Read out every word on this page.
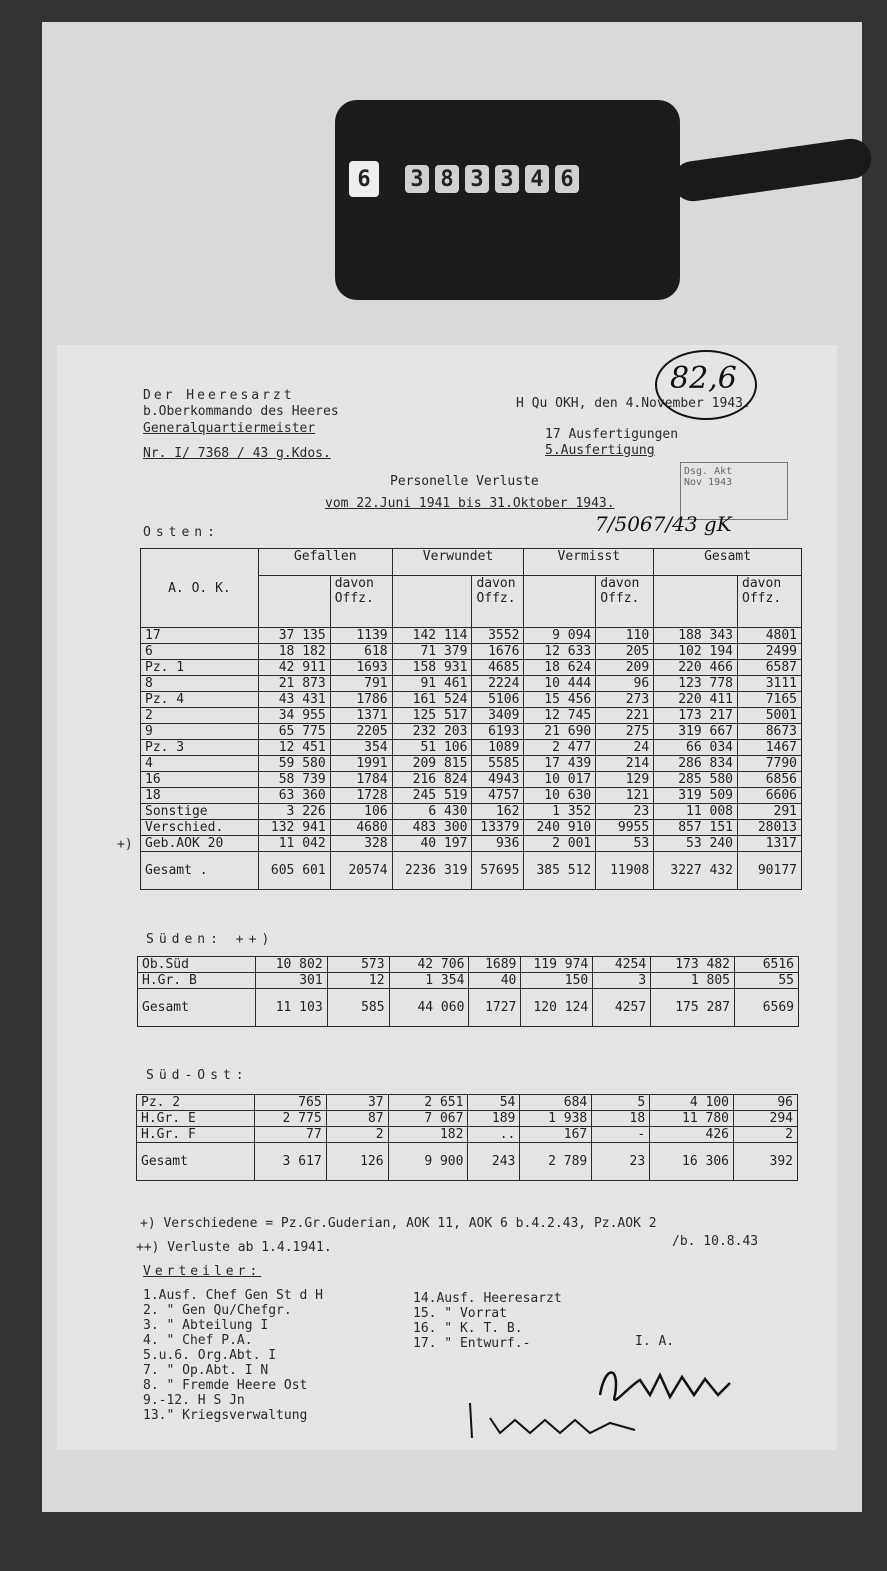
6	3 8 3 3 4 6
82,6
Der Heeresarzt
b.Oberkommando des Heeres
Generalquartiermeister
Nr. I/ 7368 / 43 g.Kdos.
H Qu OKH, den 4.November 1943.
17 Ausfertigungen
5.Ausfertigung
Dsg. Akt
Nov 1943
Personelle Verluste
vom 22.Juni 1941 bis 31.Oktober 1943.
7/5067/43 gK
Osten:
+)
A. O. K.	Gefallen		Verwundet		Vermisst		Gesamt	
		davon Offz.		davon Offz.		davon Offz.		davon Offz.
17	37 135	1139	142 114	3552	9 094	110	188 343	4801
6	18 182	618	71 379	1676	12 633	205	102 194	2499
Pz. 1	42 911	1693	158 931	4685	18 624	209	220 466	6587
8	21 873	791	91 461	2224	10 444	96	123 778	3111
Pz. 4	43 431	1786	161 524	5106	15 456	273	220 411	7165
2	34 955	1371	125 517	3409	12 745	221	173 217	5001
9	65 775	2205	232 203	6193	21 690	275	319 667	8673
Pz. 3	12 451	354	51 106	1089	2 477	24	66 034	1467
4	59 580	1991	209 815	5585	17 439	214	286 834	7790
16	58 739	1784	216 824	4943	10 017	129	285 580	6856
18	63 360	1728	245 519	4757	10 630	121	319 509	6606
Sonstige	3 226	106	6 430	162	1 352	23	11 008	291
Verschied.	132 941	4680	483 300	13379	240 910	9955	857 151	28013
Geb.AOK 20	11 042	328	40 197	936	2 001	53	53 240	1317
Gesamt .	605 601	20574	2236 319	57695	385 512	11908	3227 432	90177
Süden: ++)
Ob.Süd	10 802	573	42 706	1689	119 974	4254	173 482	6516
H.Gr. B	301	12	1 354	40	150	3	1 805	55
Gesamt	11 103	585	44 060	1727	120 124	4257	175 287	6569
Süd-Ost:
Pz. 2	765	37	2 651	54	684	5	4 100	96
H.Gr. E	2 775	87	7 067	189	1 938	18	11 780	294
H.Gr. F	77	2	182	..	167	-	426	2
Gesamt	3 617	126	9 900	243	2 789	23	16 306	392
+) Verschiedene = Pz.Gr.Guderian, AOK 11, AOK 6 b.4.2.43, Pz.AOK 2
/b. 10.8.43
++) Verluste ab 1.4.1941.
Verteiler:
1.Ausf. Chef Gen St d H
2. " Gen Qu/Chefgr.
3. " Abteilung I
4. " Chef P.A.
5.u.6. Org.Abt. I
7. " Op.Abt. I N
8. " Fremde Heere Ost
9.-12. H S Jn
13." Kriegsverwaltung
14.Ausf. Heeresarzt
15. " Vorrat
16. " K. T. B.
17. " Entwurf.-	I. A.
